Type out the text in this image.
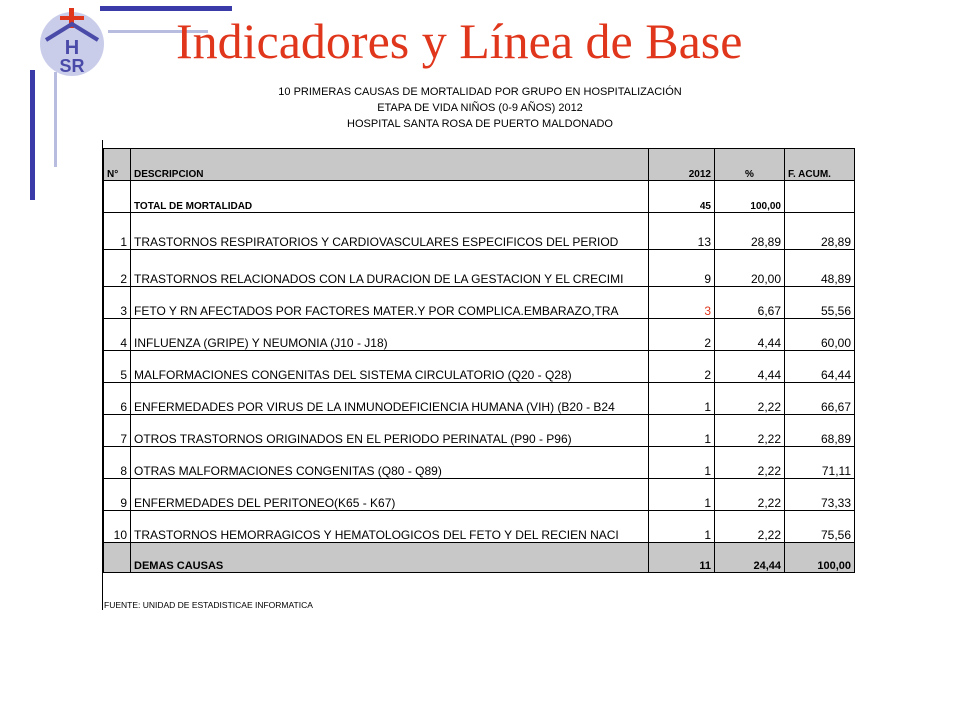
H
SR Indicadores y Línea de Base
10 PRIMERAS CAUSAS DE MORTALIDAD POR GRUPO EN HOSPITALIZACIÓN
ETAPA DE VIDA NIÑOS (0-9 AÑOS) 2012
HOSPITAL SANTA ROSA DE PUERTO MALDONADO
N°	DESCRIPCION	2012	%	F. ACUM.
	TOTAL DE MORTALIDAD	45	100,00	
1	TRASTORNOS RESPIRATORIOS Y CARDIOVASCULARES ESPECIFICOS DEL PERIOD	13	28,89	28,89
2	TRASTORNOS RELACIONADOS CON LA DURACION DE LA GESTACION Y EL CRECIMI	9	20,00	48,89
3	FETO Y RN AFECTADOS POR FACTORES MATER.Y POR COMPLICA.EMBARAZO,TRA	3	6,67	55,56
4	INFLUENZA (GRIPE) Y NEUMONIA (J10 - J18)	2	4,44	60,00
5	MALFORMACIONES CONGENITAS DEL SISTEMA CIRCULATORIO (Q20 - Q28)	2	4,44	64,44
6	ENFERMEDADES POR VIRUS DE LA INMUNODEFICIENCIA HUMANA (VIH) (B20 - B24	1	2,22	66,67
7	OTROS TRASTORNOS ORIGINADOS EN EL PERIODO PERINATAL (P90 - P96)	1	2,22	68,89
8	OTRAS MALFORMACIONES CONGENITAS (Q80 - Q89)	1	2,22	71,11
9	ENFERMEDADES DEL PERITONEO(K65 - K67)	1	2,22	73,33
10	TRASTORNOS HEMORRAGICOS Y HEMATOLOGICOS DEL FETO Y DEL RECIEN NACI	1	2,22	75,56
	DEMAS CAUSAS	11	24,44	100,00
FUENTE: UNIDAD DE ESTADISTICAE INFORMATICA
